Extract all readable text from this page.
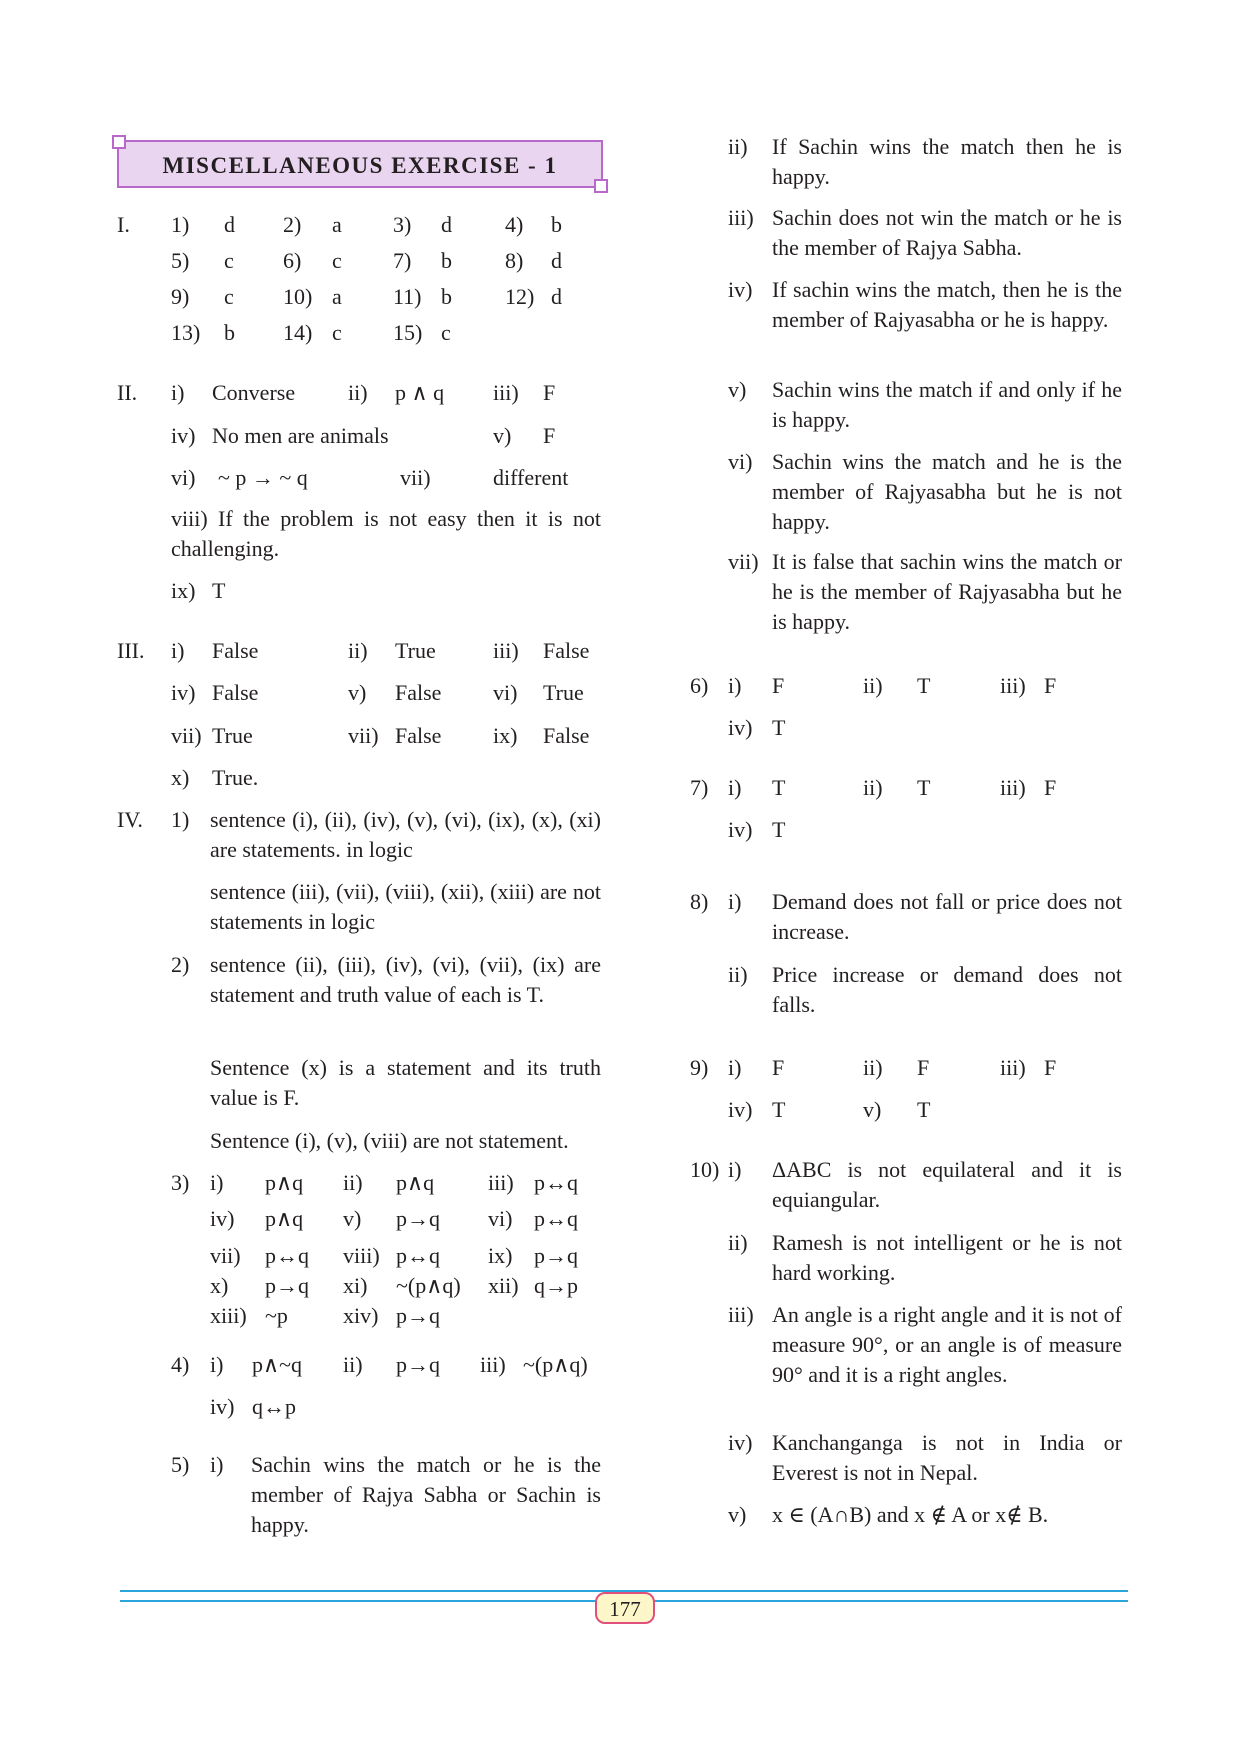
MISCELLANEOUS EXERCISE - 1
I. 1) d 2) a 3) d 4) b
5) c 6) c 7) b 8) d
9) c 10) a 11) b 12) d
13) b 14) c 15) c
II. i) Converse ii) p ∧ q iii) F
iv) No men are animals	v) F
vi) ~ p → ~ q	vii)	different
viii) If the problem is not easy then it is not challenging.
ix) T
III. i) False	ii) True	iii) False
iv) False	v) False vi) True
vii) True	vii) False ix) False
x) True.
IV. 1) sentence (i), (ii), (iv), (v), (vi), (ix), (x), (xi) are statements. in logic
sentence (iii), (vii), (viii), (xii), (xiii) are not statements in logic
2) sentence (ii), (iii), (iv), (vi), (vii), (ix) are statement and truth value of each is T.
Sentence (x) is a statement and its truth value is F.
Sentence (i), (v), (viii) are not statement.
3) i) p∧q ii) p∧q iii) p↔q
iv) p∧q v) p→q vi) p↔q
vii) p↔q viii) p↔q ix) p→q
x) p→q xi) ~(p∧q) xii) q→p
xiii) ~p	xiv) p→q
4) i) p∧~q ii) p→q iii) ~(p∧q)
iv) q↔p
5) i) Sachin wins the match or he is the member of Rajya Sabha or Sachin is happy.
ii) If Sachin wins the match then he is happy.
iii) Sachin does not win the match or he is the member of Rajya Sabha.
iv) If sachin wins the match, then he is the member of Rajyasabha or he is happy.
v) Sachin wins the match if and only if he is happy.
vi) Sachin wins the match and he is the member of Rajyasabha but he is not happy.
vii) It is false that sachin wins the match or he is the member of Rajyasabha but he is happy.
6) i) F	ii) T	iii) F
iv) T
7) i) T	ii) T	iii) F
iv) T
8) i) Demand does not fall or price does not increase.
ii) Price increase or demand does not falls.
9) i) F	ii) F	iii) F
iv) T	v) T
10) i) ΔABC is not equilateral and it is equiangular.
ii) Ramesh is not intelligent or he is not hard working.
iii) An angle is a right angle and it is not of measure 90°, or an angle is of measure 90° and it is a right angles.
iv) Kanchanganga is not in India or Everest is not in Nepal.
v) x ∈ (A∩B) and x ∉ A or x∉ B.
177
